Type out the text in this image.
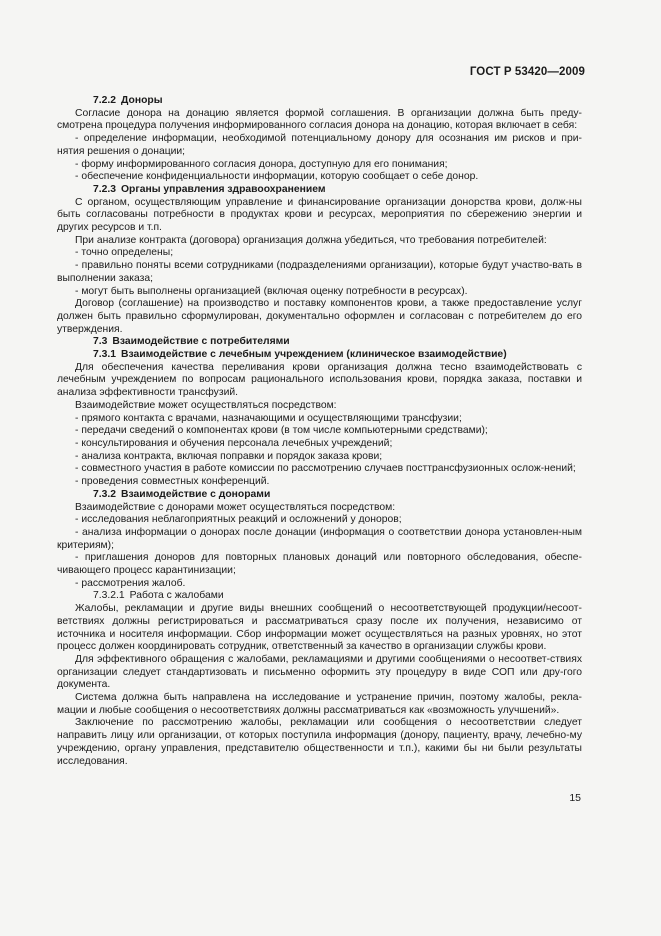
ГОСТ Р 53420—2009
7.2.2 Доноры
Согласие донора на донацию является формой соглашения. В организации должна быть преду-смотрена процедура получения информированного согласия донора на донацию, которая включает в себя:
- определение информации, необходимой потенциальному донору для осознания им рисков и при-нятия решения о донации;
- форму информированного согласия донора, доступную для его понимания;
- обеспечение конфиденциальности информации, которую сообщает о себе донор.
7.2.3 Органы управления здравоохранением
С органом, осуществляющим управление и финансирование организации донорства крови, долж-ны быть согласованы потребности в продуктах крови и ресурсах, мероприятия по сбережению энергии и других ресурсов и т.п.
При анализе контракта (договора) организация должна убедиться, что требования потребителей:
- точно определены;
- правильно поняты всеми сотрудниками (подразделениями организации), которые будут участво-вать в выполнении заказа;
- могут быть выполнены организацией (включая оценку потребности в ресурсах).
Договор (соглашение) на производство и поставку компонентов крови, а также предоставление услуг должен быть правильно сформулирован, документально оформлен и согласован с потребителем до его утверждения.
7.3 Взаимодействие с потребителями
7.3.1 Взаимодействие с лечебным учреждением (клиническое взаимодействие)
Для обеспечения качества переливания крови организация должна тесно взаимодействовать с лечебным учреждением по вопросам рационального использования крови, порядка заказа, поставки и анализа эффективности трансфузий.
Взаимодействие может осуществляться посредством:
- прямого контакта с врачами, назначающими и осуществляющими трансфузии;
- передачи сведений о компонентах крови (в том числе компьютерными средствами);
- консультирования и обучения персонала лечебных учреждений;
- анализа контракта, включая поправки и порядок заказа крови;
- совместного участия в работе комиссии по рассмотрению случаев посттрансфузионных ослож-нений;
- проведения совместных конференций.
7.3.2 Взаимодействие с донорами
Взаимодействие с донорами может осуществляться посредством:
- исследования неблагоприятных реакций и осложнений у доноров;
- анализа информации о донорах после донации (информация о соответствии донора установлен-ным критериям);
- приглашения доноров для повторных плановых донаций или повторного обследования, обеспе-чивающего процесс карантинизации;
- рассмотрения жалоб.
7.3.2.1 Работа с жалобами
Жалобы, рекламации и другие виды внешних сообщений о несоответствующей продукции/несоот-ветствиях должны регистрироваться и рассматриваться сразу после их получения, независимо от источника и носителя информации. Сбор информации может осуществляться на разных уровнях, но этот процесс должен координировать сотрудник, ответственный за качество в организации службы крови.
Для эффективного обращения с жалобами, рекламациями и другими сообщениями о несоответ-ствиях организации следует стандартизовать и письменно оформить эту процедуру в виде СОП или дру-гого документа.
Система должна быть направлена на исследование и устранение причин, поэтому жалобы, рекла-мации и любые сообщения о несоответствиях должны рассматриваться как «возможность улучшений».
Заключение по рассмотрению жалобы, рекламации или сообщения о несоответствии следует направить лицу или организации, от которых поступила информация (донору, пациенту, врачу, лечебно-му учреждению, органу управления, представителю общественности и т.п.), какими бы ни были результаты исследования.
15
